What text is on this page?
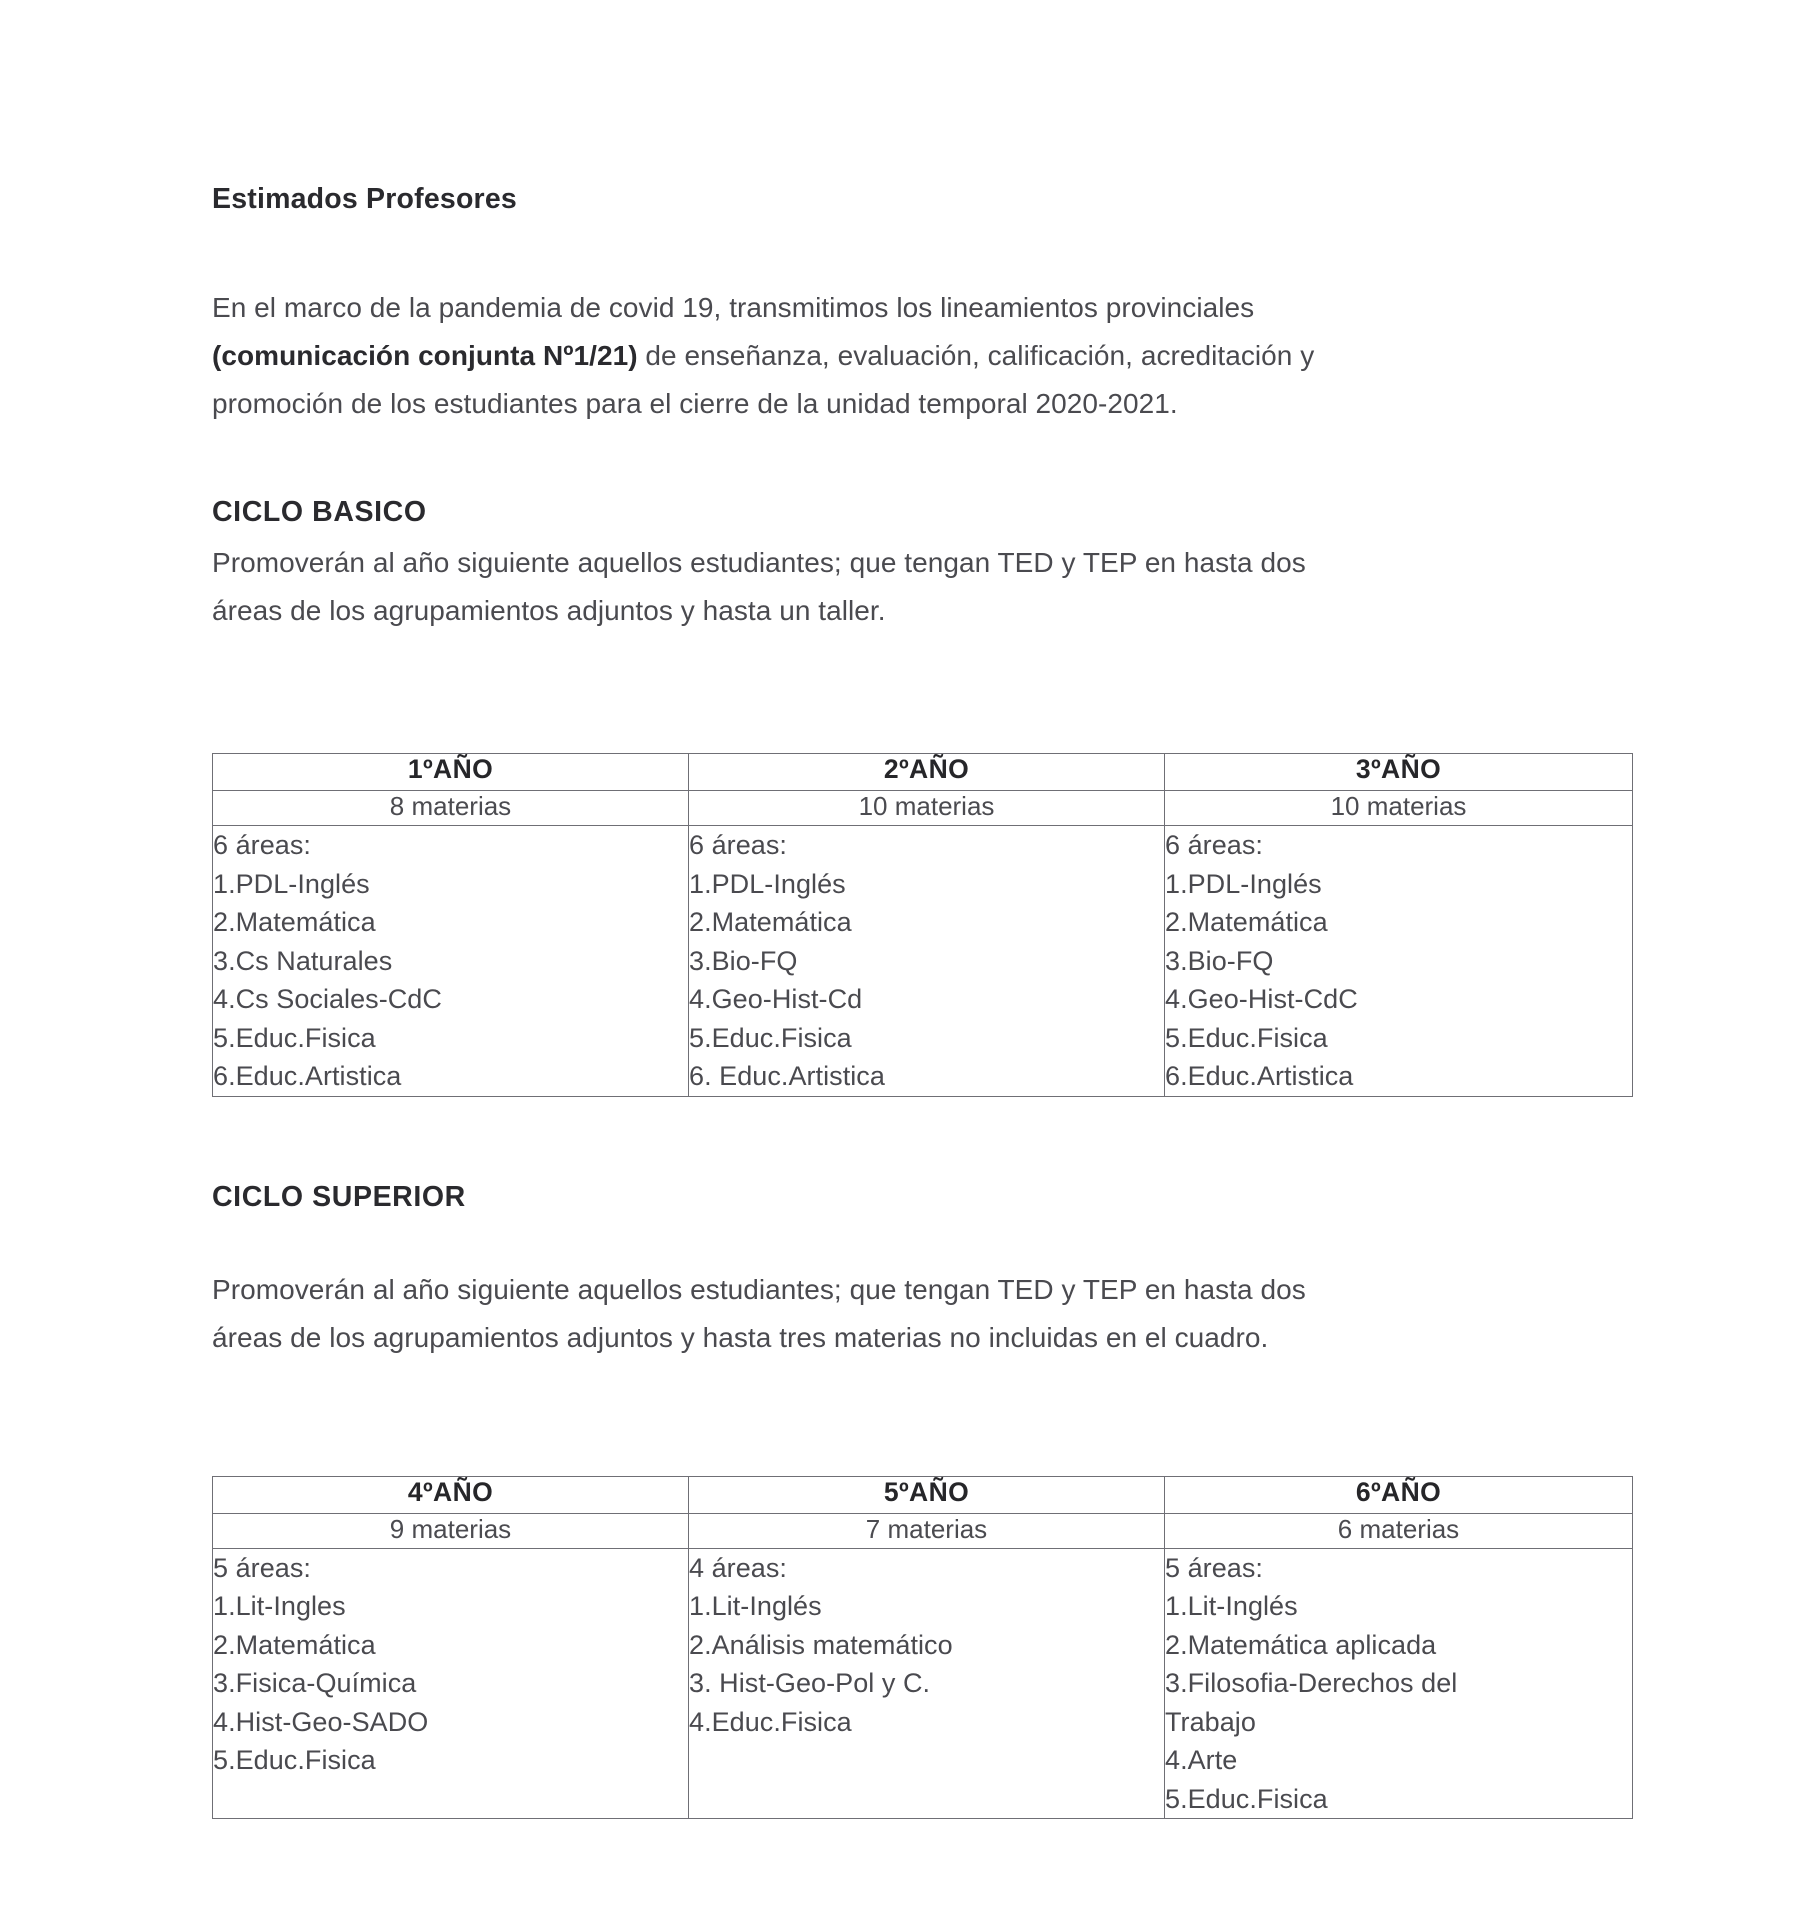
Estimados Profesores
En el marco de la pandemia de covid 19, transmitimos los lineamientos provinciales
(comunicación conjunta Nº1/21) de enseñanza, evaluación, calificación, acreditación y
promoción de los estudiantes para el cierre de la unidad temporal 2020-2021.
CICLO BASICO
Promoverán al año siguiente aquellos estudiantes; que tengan TED y TEP en hasta dos
áreas de los agrupamientos adjuntos y hasta un taller.
1ºAÑO	2ºAÑO	3ºAÑO
8 materias	10 materias	10 materias

6 áreas:
1.PDL-Inglés
2.Matemática
3.Cs Naturales
4.Cs Sociales-CdC
5.Educ.Fisica
6.Educ.Artistica

6 áreas:
1.PDL-Inglés
2.Matemática
3.Bio-FQ
4.Geo-Hist-Cd
5.Educ.Fisica
6. Educ.Artistica

6 áreas:
1.PDL-Inglés
2.Matemática
3.Bio-FQ
4.Geo-Hist-CdC
5.Educ.Fisica
6.Educ.Artistica
CICLO SUPERIOR
Promoverán al año siguiente aquellos estudiantes; que tengan TED y TEP en hasta dos
áreas de los agrupamientos adjuntos y hasta tres materias no incluidas en el cuadro.
4ºAÑO	5ºAÑO	6ºAÑO
9 materias	7 materias	6 materias

5 áreas:
1.Lit-Ingles
2.Matemática
3.Fisica-Química
4.Hist-Geo-SADO
5.Educ.Fisica

4 áreas:
1.Lit-Inglés
2.Análisis matemático
3. Hist-Geo-Pol y C.
4.Educ.Fisica

5 áreas:
1.Lit-Inglés
2.Matemática aplicada
3.Filosofia-Derechos del
Trabajo
4.Arte
5.Educ.Fisica
